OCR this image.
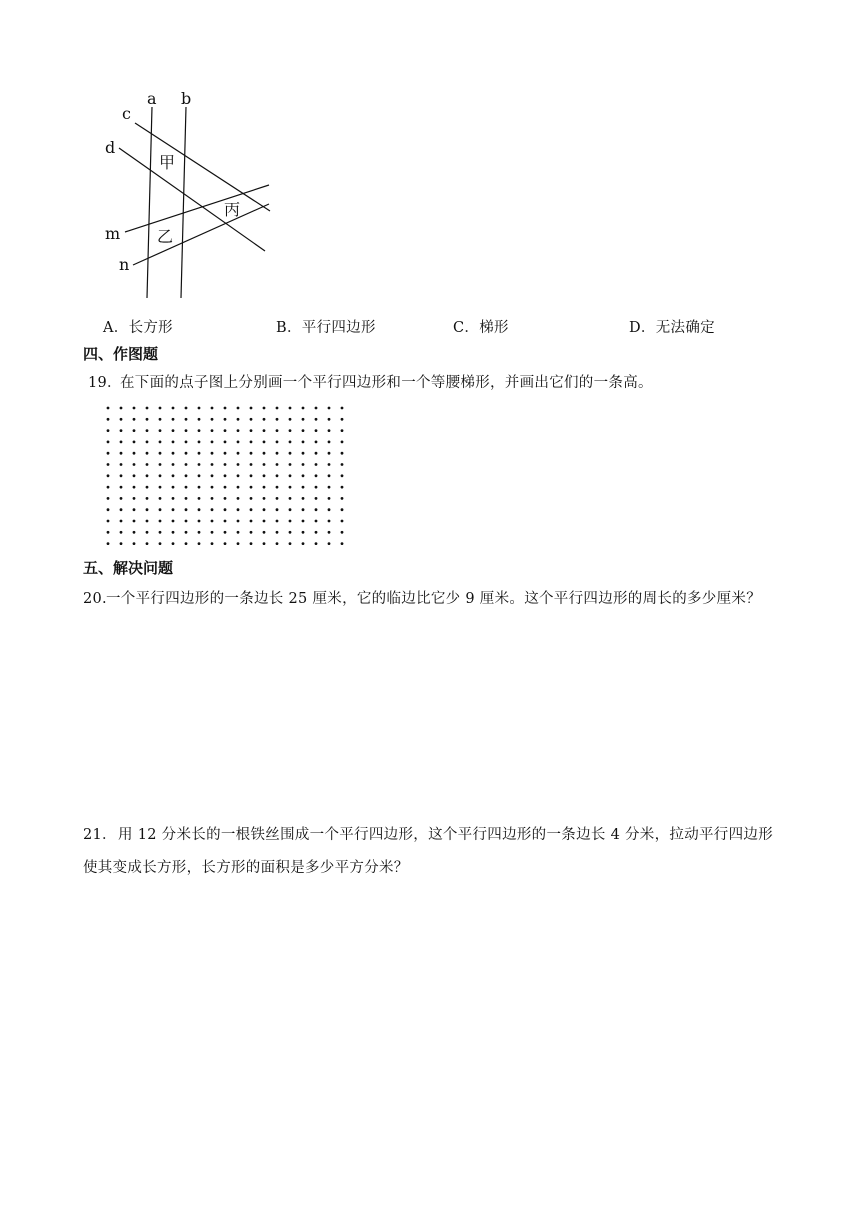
a b
c
d
m
n
甲
乙
丙
A．长方形	B．平行四边形	C．梯形	D．无法确定
四、作图题
19．在下面的点子图上分别画一个平行四边形和一个等腰梯形，并画出它们的一条高。
五、解决问题
20.一个平行四边形的一条边长 25 厘米，它的临边比它少 9 厘米。这个平行四边形的周长的多少厘米？
21．用 12 分米长的一根铁丝围成一个平行四边形，这个平行四边形的一条边长 4 分米，拉动平行四边形
使其变成长方形，长方形的面积是多少平方分米？
